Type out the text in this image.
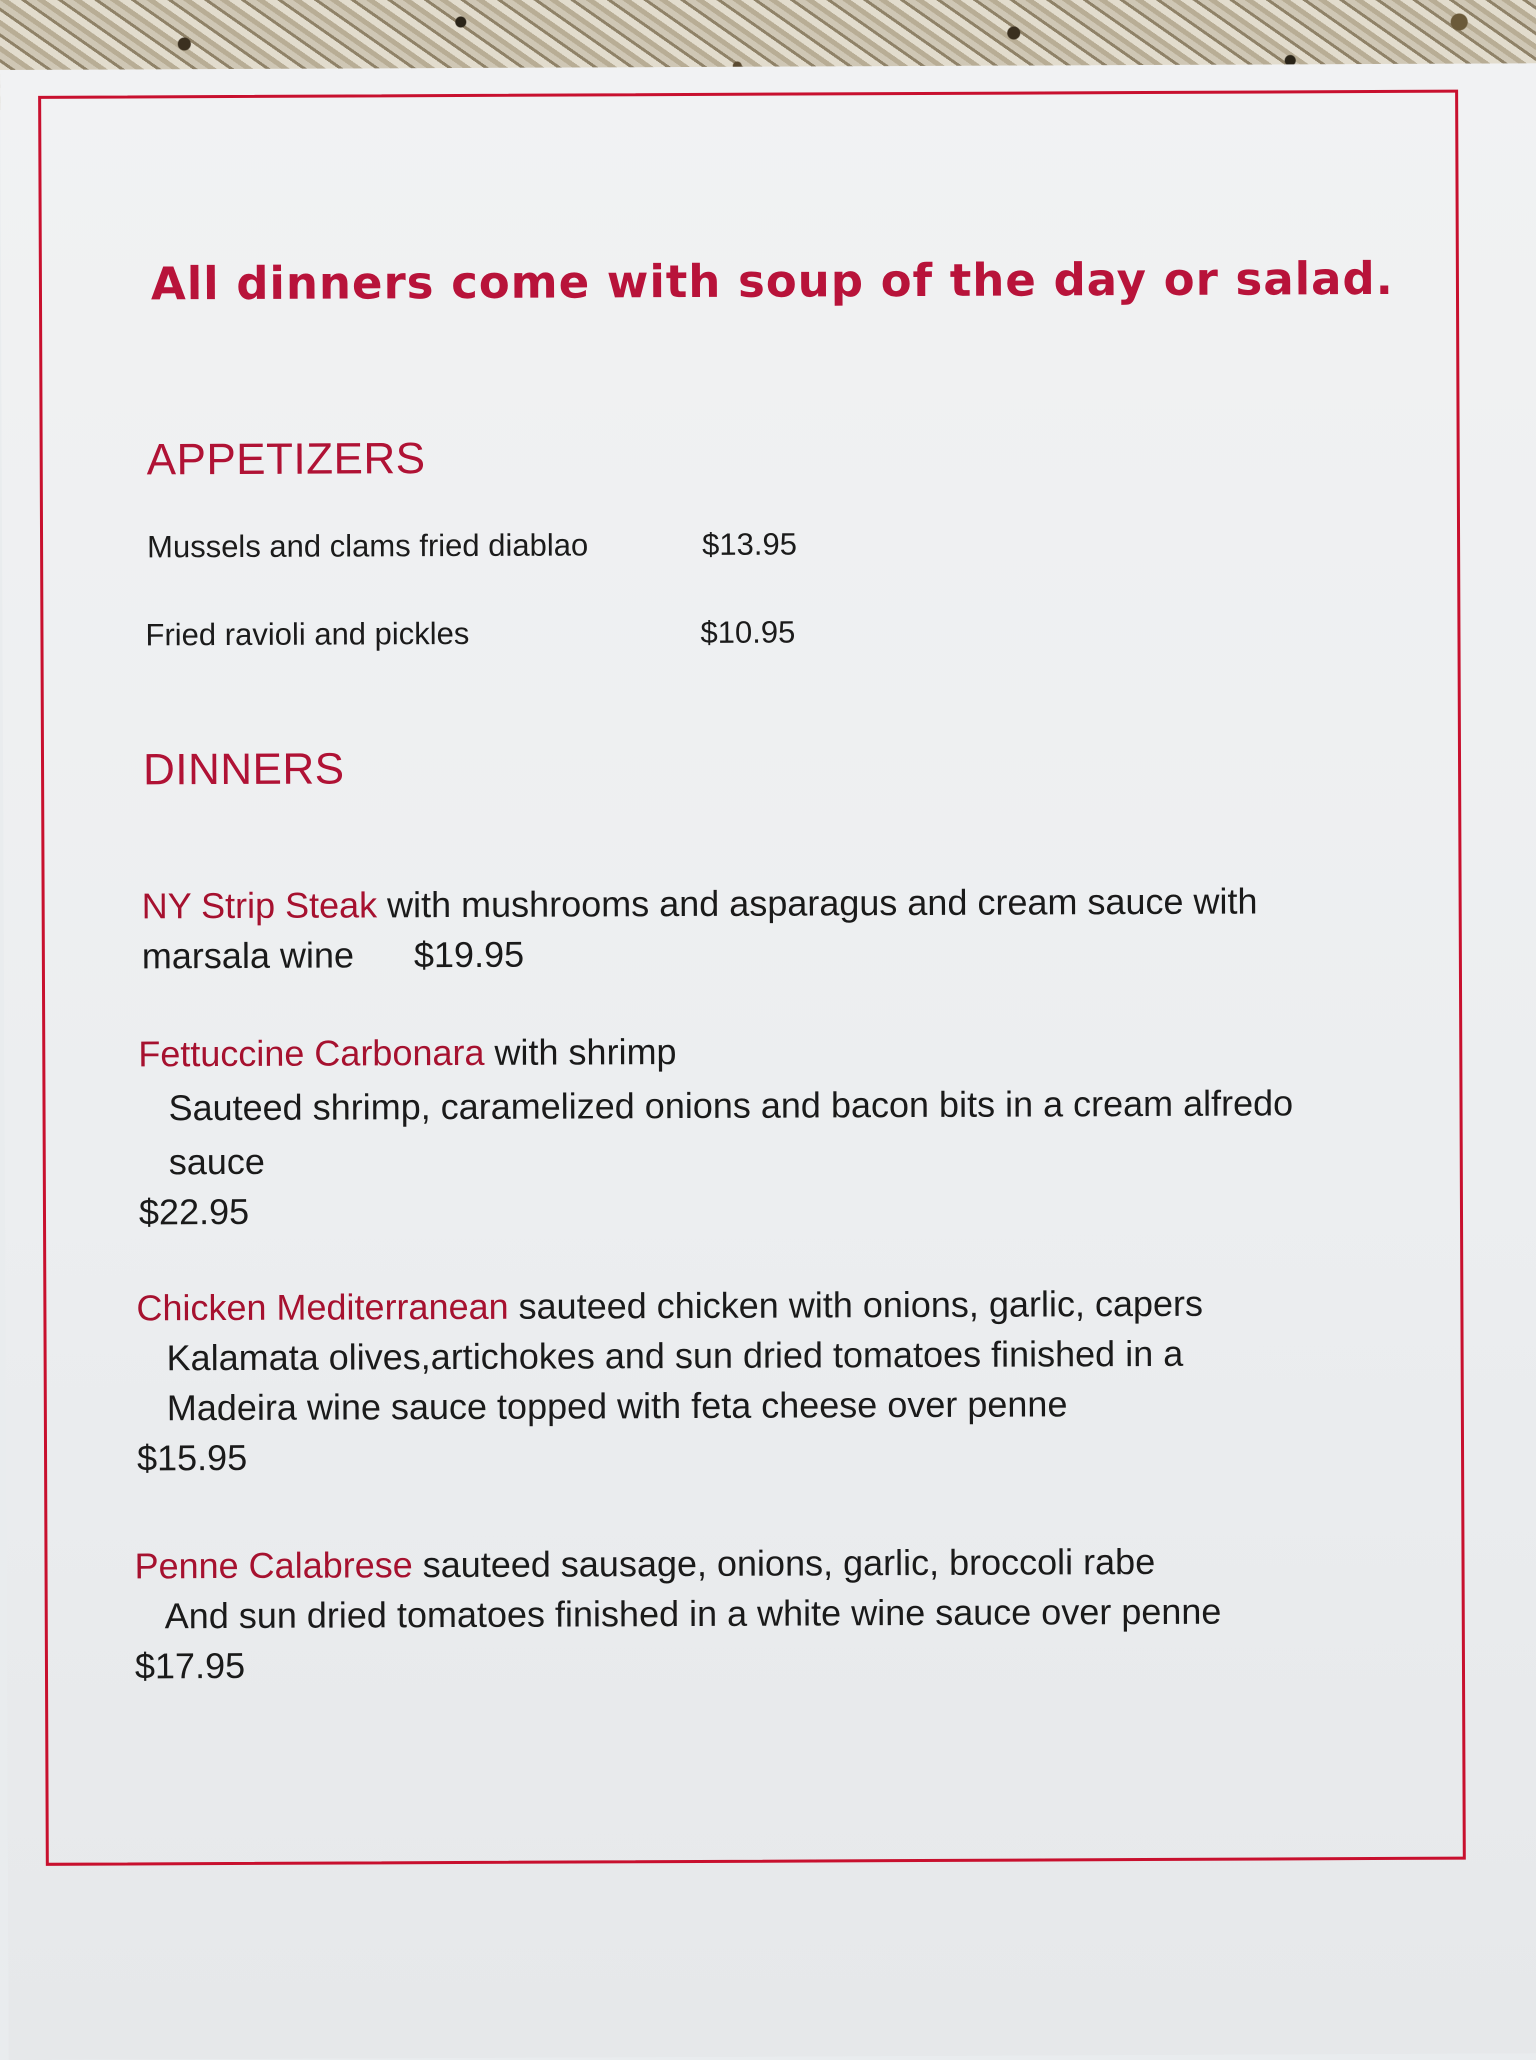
All dinners come with soup of the day or salad.
APPETIZERS
Mussels and clams fried diablao	$13.95
Fried ravioli and pickles	$10.95
DINNERS
NY Strip Steak with mushrooms and asparagus and cream sauce with
marsala wine $19.95
Fettuccine Carbonara with shrimp
Sauteed shrimp, caramelized onions and bacon bits in a cream alfredo
sauce
$22.95
Chicken Mediterranean sauteed chicken with onions, garlic, capers
Kalamata olives,artichokes and sun dried tomatoes finished in a
Madeira wine sauce topped with feta cheese over penne
$15.95
Penne Calabrese sauteed sausage, onions, garlic, broccoli rabe
And sun dried tomatoes finished in a white wine sauce over penne
$17.95
